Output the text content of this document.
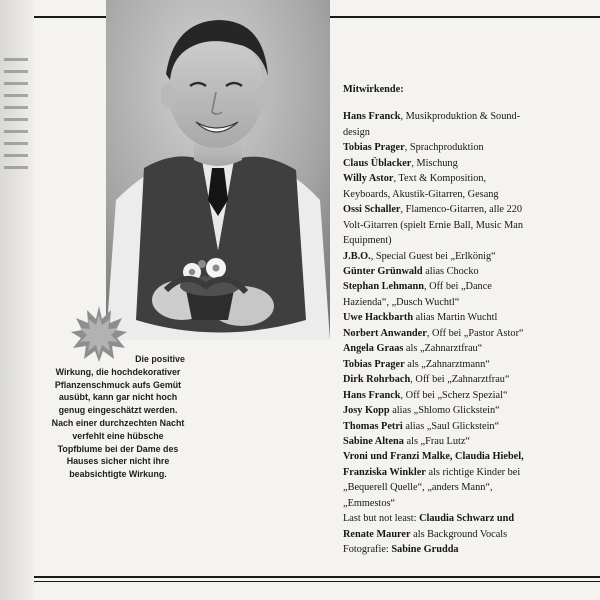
Die positive
Wirkung, die hochdekorativer
Pflanzenschmuck aufs Gemüt
ausübt, kann gar nicht hoch
genug eingeschätzt werden.
Nach einer durchzechten Nacht
verfehlt eine hübsche
Topfblume bei der Dame des
Hauses sicher nicht ihre
beabsichtigte Wirkung.
Mitwirkende:
Hans Franck, Musikproduktion & Sound-
design
Tobias Prager, Sprachproduktion
Claus Üblacker, Mischung
Willy Astor, Text & Komposition,
Keyboards, Akustik-Gitarren, Gesang
Ossi Schaller, Flamenco-Gitarren, alle 220
Volt-Gitarren (spielt Ernie Ball, Music Man
Equipment)
J.B.O., Special Guest bei „Erlkönig“
Günter Grünwald alias Chocko
Stephan Lehmann, Off bei „Dance
Hazienda“, „Dusch Wuchtl“
Uwe Hackbarth alias Martin Wuchtl
Norbert Anwander, Off bei „Pastor Astor“
Angela Graas als „Zahnarztfrau“
Tobias Prager als „Zahnarztmann“
Dirk Rohrbach, Off bei „Zahnarztfrau“
Hans Franck, Off bei „Scherz Spezial“
Josy Kopp alias „Shlomo Glickstein“
Thomas Petri alias „Saul Glickstein“
Sabine Altena als „Frau Lutz“
Vroni und Franzi Malke, Claudia Hiebel,
Franziska Winkler als richtige Kinder bei
„Bequerell Quelle“, „anders Mann“,
„Emmestos“
Last but not least: Claudia Schwarz und
Renate Maurer als Background Vocals
Fotografie: Sabine Grudda
